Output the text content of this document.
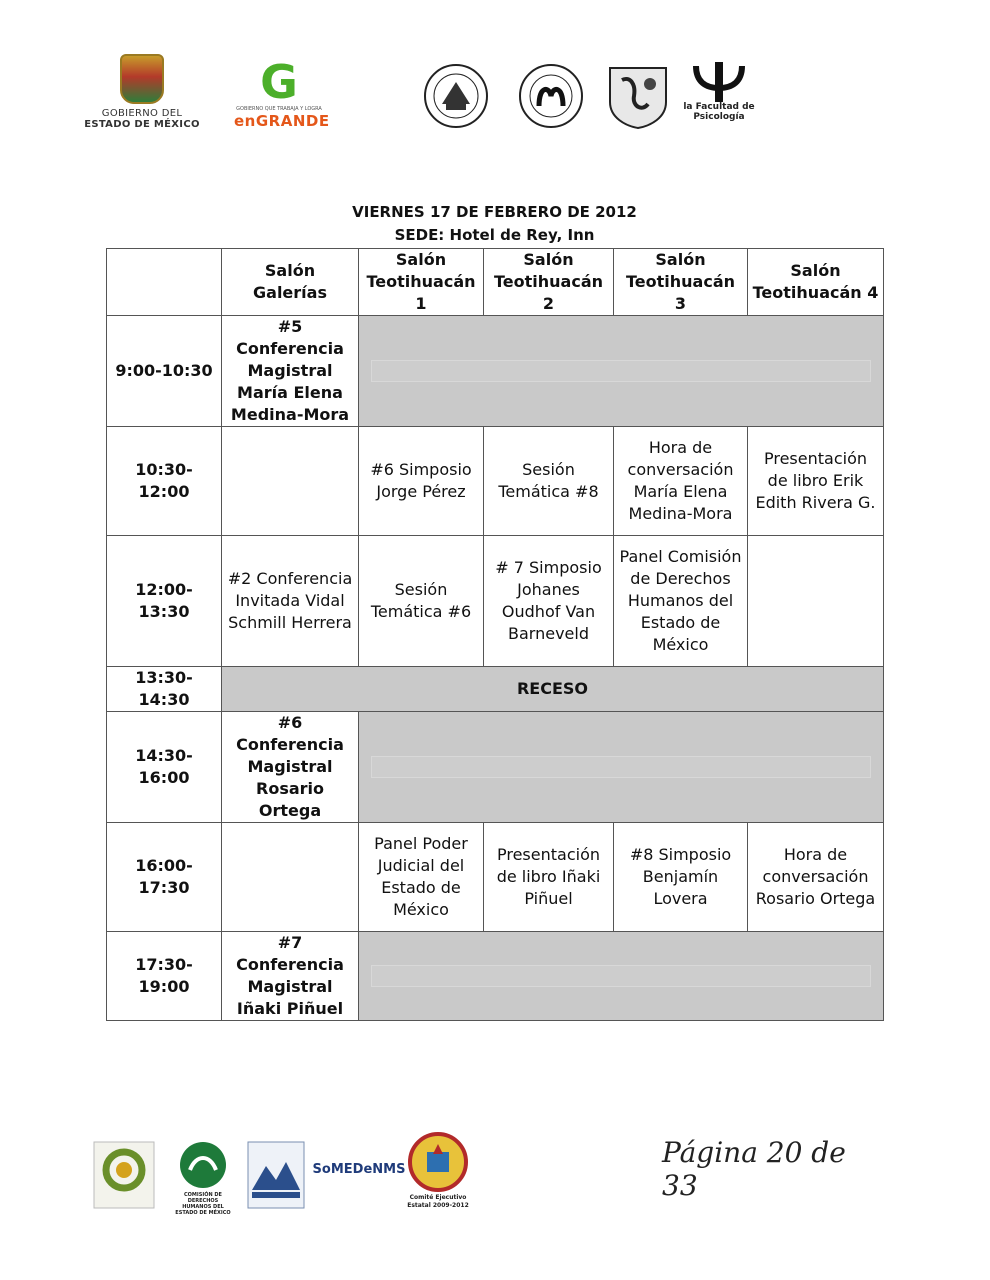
GOBIERNO DEL
ESTADO DE MÉXICO
G
GOBIERNO QUE TRABAJA Y LOGRA
enGRANDE
la Facultad de Psicología
VIERNES 17 DE FEBRERO DE 2012
SEDE: Hotel de Rey, Inn
	Salón Galerías	Salón Teotihuacán 1	Salón Teotihuacán 2	Salón Teotihuacán 3	Salón Teotihuacán 4
9:00-10:30	#5 Conferencia Magistral María Elena Medina-Mora				

10:30-12:00		#6 Simposio Jorge Pérez	Sesión Temática #8	Hora de conversación María Elena Medina-Mora	Presentación de libro Erik Edith Rivera G.
12:00-13:30	#2 Conferencia Invitada Vidal Schmill Herrera	Sesión Temática #6	# 7 Simposio Johanes Oudhof Van Barneveld	Panel Comisión de Derechos Humanos del Estado de México	
13:30-14:30	RECESO				
14:30-16:00	#6 Conferencia Magistral Rosario Ortega				

16:00-17:30		Panel Poder Judicial del Estado de México	Presentación de libro Iñaki Piñuel	#8 Simposio Benjamín Lovera	Hora de conversación Rosario Ortega
17:30-19:00	#7 Conferencia Magistral Iñaki Piñuel				
COMISIÓN DE DERECHOS HUMANOS DEL ESTADO DE MÉXICO
SoMEDeNMS
Comité Ejecutivo Estatal 2009-2012
Página 20 de 33
